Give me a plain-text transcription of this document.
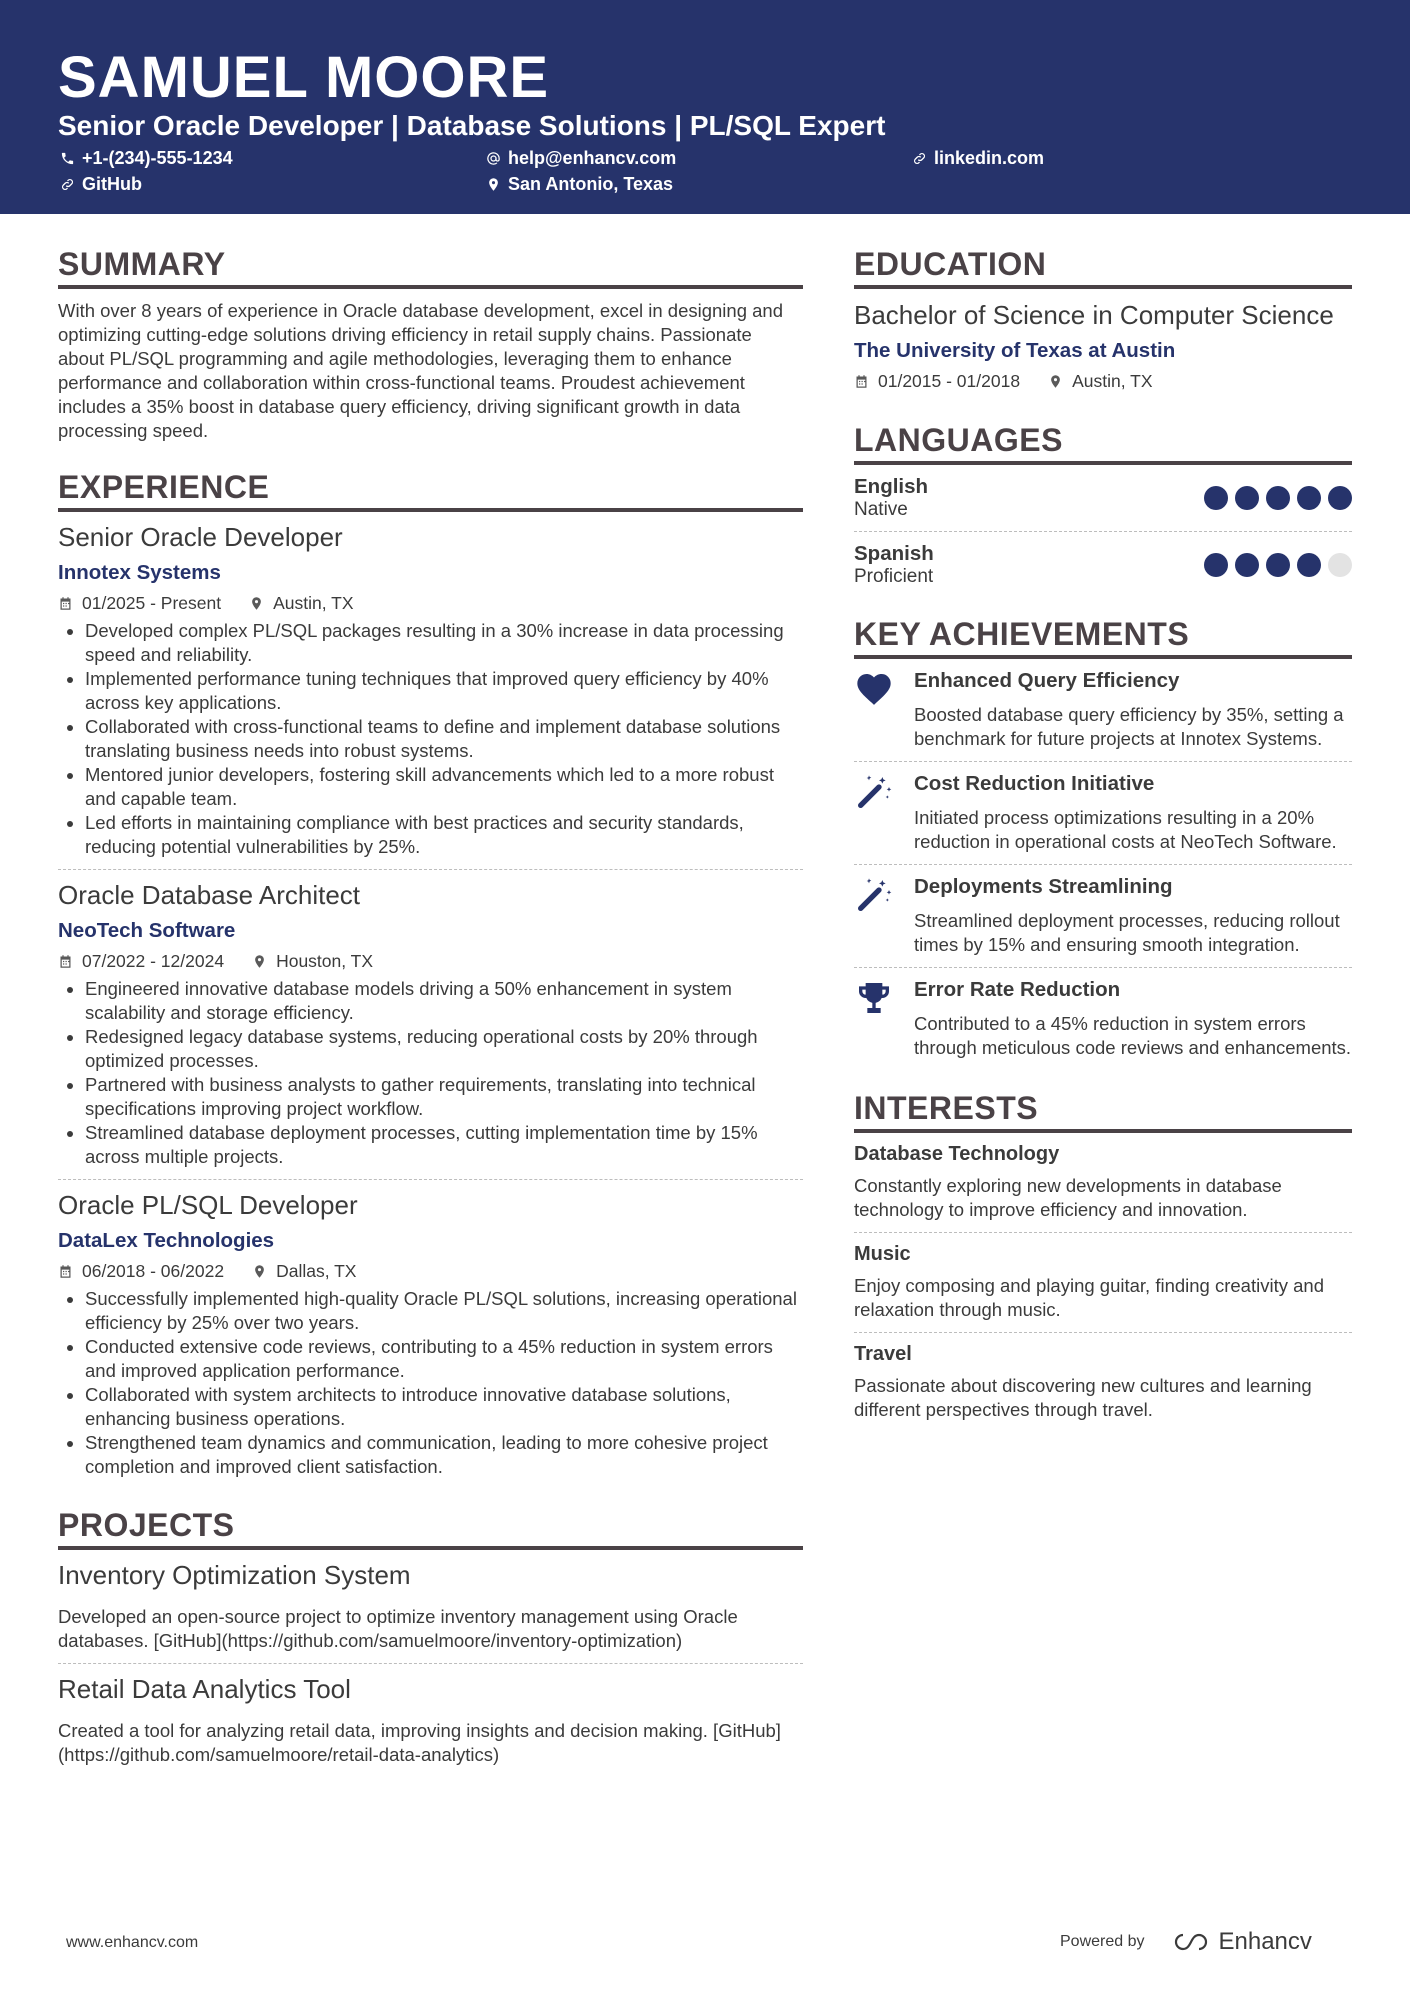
SAMUEL MOORE
Senior Oracle Developer | Database Solutions | PL/SQL Expert
+1-(234)-555-1234	help@enhancv.com	linkedin.com
GitHub	San Antonio, Texas
SUMMARY

With over 8 years of experience in Oracle database development, excel in designing and optimizing cutting-edge solutions driving efficiency in retail supply chains. Passionate about PL/SQL programming and agile methodologies, leveraging them to enhance performance and collaboration within cross-functional teams. Proudest achievement includes a 35% boost in database query efficiency, driving significant growth in data processing speed.

EXPERIENCE
Senior Oracle Developer
Innotex Systems
01/2025 - Present	Austin, TX
• Developed complex PL/SQL packages resulting in a 30% increase in data processing speed and reliability.
• Implemented performance tuning techniques that improved query efficiency by 40% across key applications.
• Collaborated with cross-functional teams to define and implement database solutions translating business needs into robust systems.
• Mentored junior developers, fostering skill advancements which led to a more robust and capable team.
• Led efforts in maintaining compliance with best practices and security standards, reducing potential vulnerabilities by 25%.
Oracle Database Architect
NeoTech Software
07/2022 - 12/2024	Houston, TX
• Engineered innovative database models driving a 50% enhancement in system scalability and storage efficiency.
• Redesigned legacy database systems, reducing operational costs by 20% through optimized processes.
• Partnered with business analysts to gather requirements, translating into technical specifications improving project workflow.
• Streamlined database deployment processes, cutting implementation time by 15% across multiple projects.
Oracle PL/SQL Developer
DataLex Technologies
06/2018 - 06/2022	Dallas, TX
• Successfully implemented high-quality Oracle PL/SQL solutions, increasing operational efficiency by 25% over two years.
• Conducted extensive code reviews, contributing to a 45% reduction in system errors and improved application performance.
• Collaborated with system architects to introduce innovative database solutions, enhancing business operations.
• Strengthened team dynamics and communication, leading to more cohesive project completion and improved client satisfaction.
PROJECTS
Inventory Optimization System

Developed an open-source project to optimize inventory management using Oracle databases. [GitHub](https://github.com/samuelmoore/inventory-optimization)

Retail Data Analytics Tool

Created a tool for analyzing retail data, improving insights and decision making. [GitHub](https://github.com/samuelmoore/retail-data-analytics)

EDUCATION
Bachelor of Science in Computer Science
The University of Texas at Austin
01/2015 - 01/2018	Austin, TX
LANGUAGES
English
Native
Spanish
Proficient
KEY ACHIEVEMENTS
Enhanced Query Efficiency

Boosted database query efficiency by 35%, setting a benchmark for future projects at Innotex Systems.

Cost Reduction Initiative

Initiated process optimizations resulting in a 20% reduction in operational costs at NeoTech Software.

Deployments Streamlining

Streamlined deployment processes, reducing rollout times by 15% and ensuring smooth integration.

Error Rate Reduction

Contributed to a 45% reduction in system errors through meticulous code reviews and enhancements.

INTERESTS
Database Technology

Constantly exploring new developments in database technology to improve efficiency and innovation.

Music

Enjoy composing and playing guitar, finding creativity and relaxation through music.

Travel

Passionate about discovering new cultures and learning different perspectives through travel.

www.enhancv.com	Powered by	Enhancv
